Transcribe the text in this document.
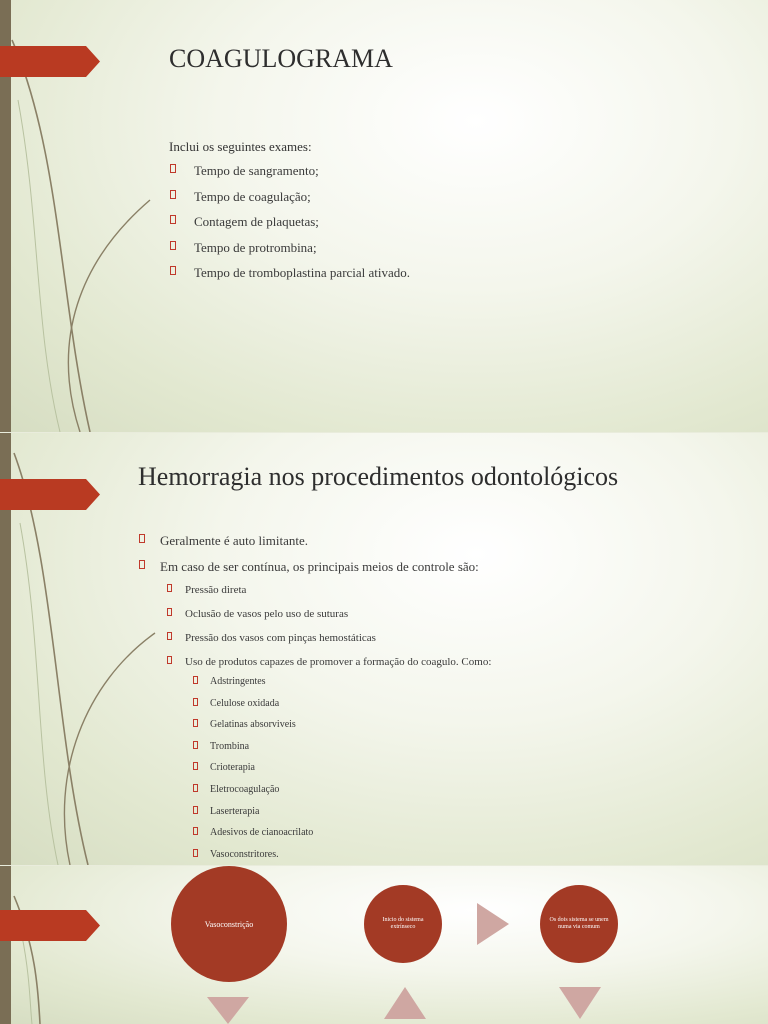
COAGULOGRAMA

Inclui os seguintes exames:

Tempo de sangramento;
Tempo de coagulação;
Contagem de plaquetas;
Tempo de protrombina;
Tempo de tromboplastina parcial ativado.
Hemorragia nos procedimentos odontológicos
Geralmente é auto limitante.
Em caso de ser contínua, os principais meios de controle são:
Pressão direta
Oclusão de vasos pelo uso de suturas
Pressão dos vasos com pinças hemostáticas
Uso de produtos capazes de promover a formação do coagulo. Como:
Adstringentes
Celulose oxidada
Gelatinas absorviveis
Trombina
Crioterapia
Eletrocoagulação
Laserterapia
Adesivos de cianoacrilato
Vasoconstritores.
Vasoconstrição	Inicio do sistema extrínseco
Os dois sistema se unem numa via comum
